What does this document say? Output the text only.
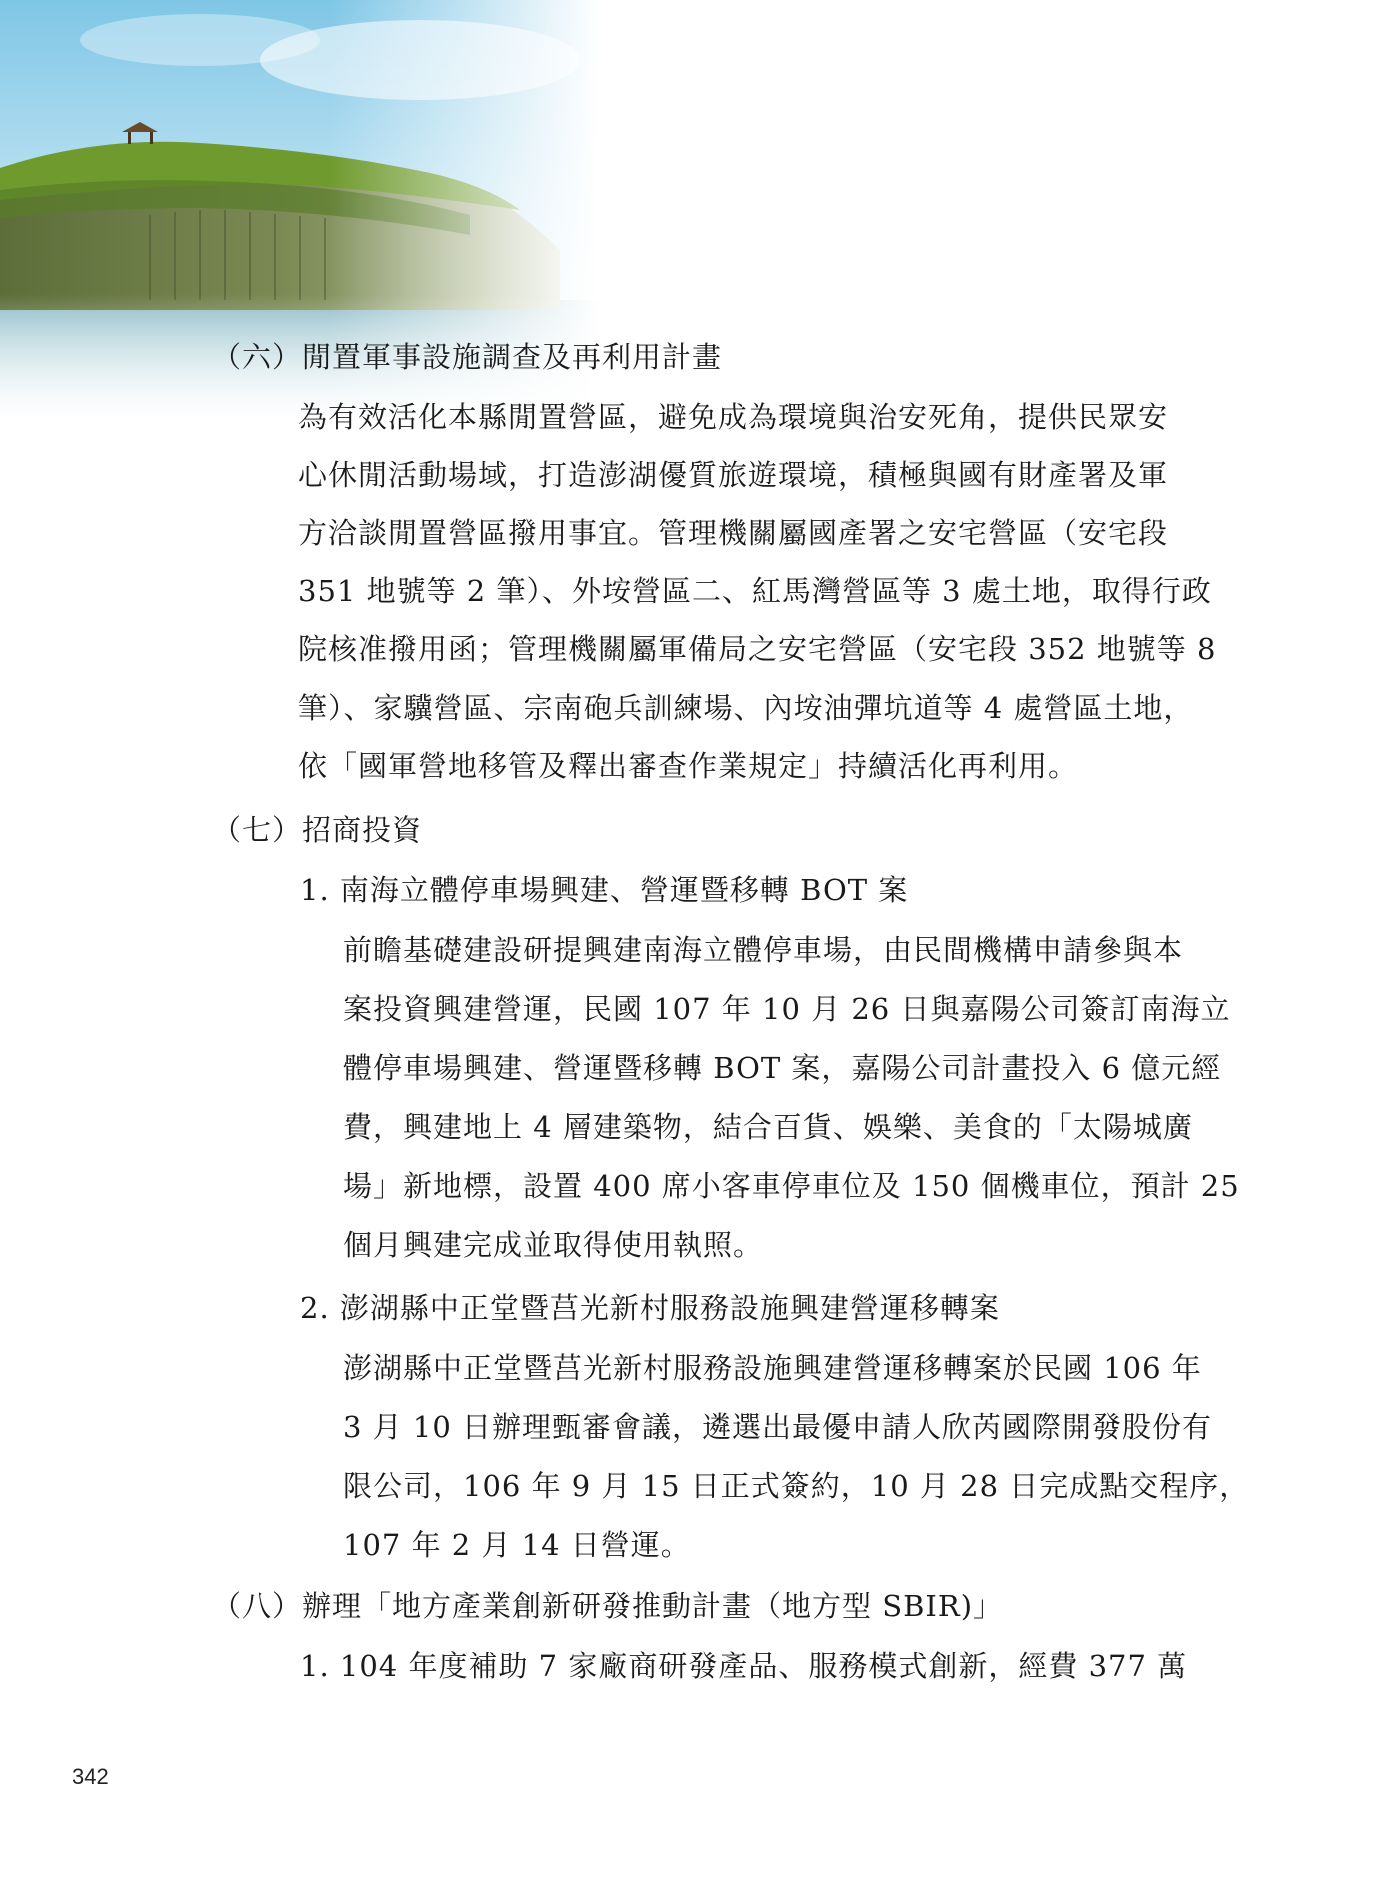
（六）閒置軍事設施調查及再利用計畫
為有效活化本縣閒置營區，避免成為環境與治安死角，提供民眾安
心休閒活動場域，打造澎湖優質旅遊環境，積極與國有財產署及軍
方洽談閒置營區撥用事宜。管理機關屬國產署之安宅營區（安宅段
351 地號等 2 筆）、外垵營區二、紅馬灣營區等 3 處土地，取得行政
院核准撥用函；管理機關屬軍備局之安宅營區（安宅段 352 地號等 8
筆）、家驥營區、宗南砲兵訓練場、內垵油彈坑道等 4 處營區土地，
依「國軍營地移管及釋出審查作業規定」持續活化再利用。
（七）招商投資
1. 南海立體停車場興建、營運暨移轉 BOT 案
前瞻基礎建設研提興建南海立體停車場，由民間機構申請參與本
案投資興建營運，民國 107 年 10 月 26 日與嘉陽公司簽訂南海立
體停車場興建、營運暨移轉 BOT 案，嘉陽公司計畫投入 6 億元經
費，興建地上 4 層建築物，結合百貨、娛樂、美食的「太陽城廣
場」新地標，設置 400 席小客車停車位及 150 個機車位，預計 25
個月興建完成並取得使用執照。
2. 澎湖縣中正堂暨莒光新村服務設施興建營運移轉案
澎湖縣中正堂暨莒光新村服務設施興建營運移轉案於民國 106 年
3 月 10 日辦理甄審會議，遴選出最優申請人欣芮國際開發股份有
限公司，106 年 9 月 15 日正式簽約，10 月 28 日完成點交程序，
107 年 2 月 14 日營運。
（八）辦理「地方產業創新研發推動計畫（地方型 SBIR)」
1. 104 年度補助 7 家廠商研發產品、服務模式創新，經費 377 萬
342
